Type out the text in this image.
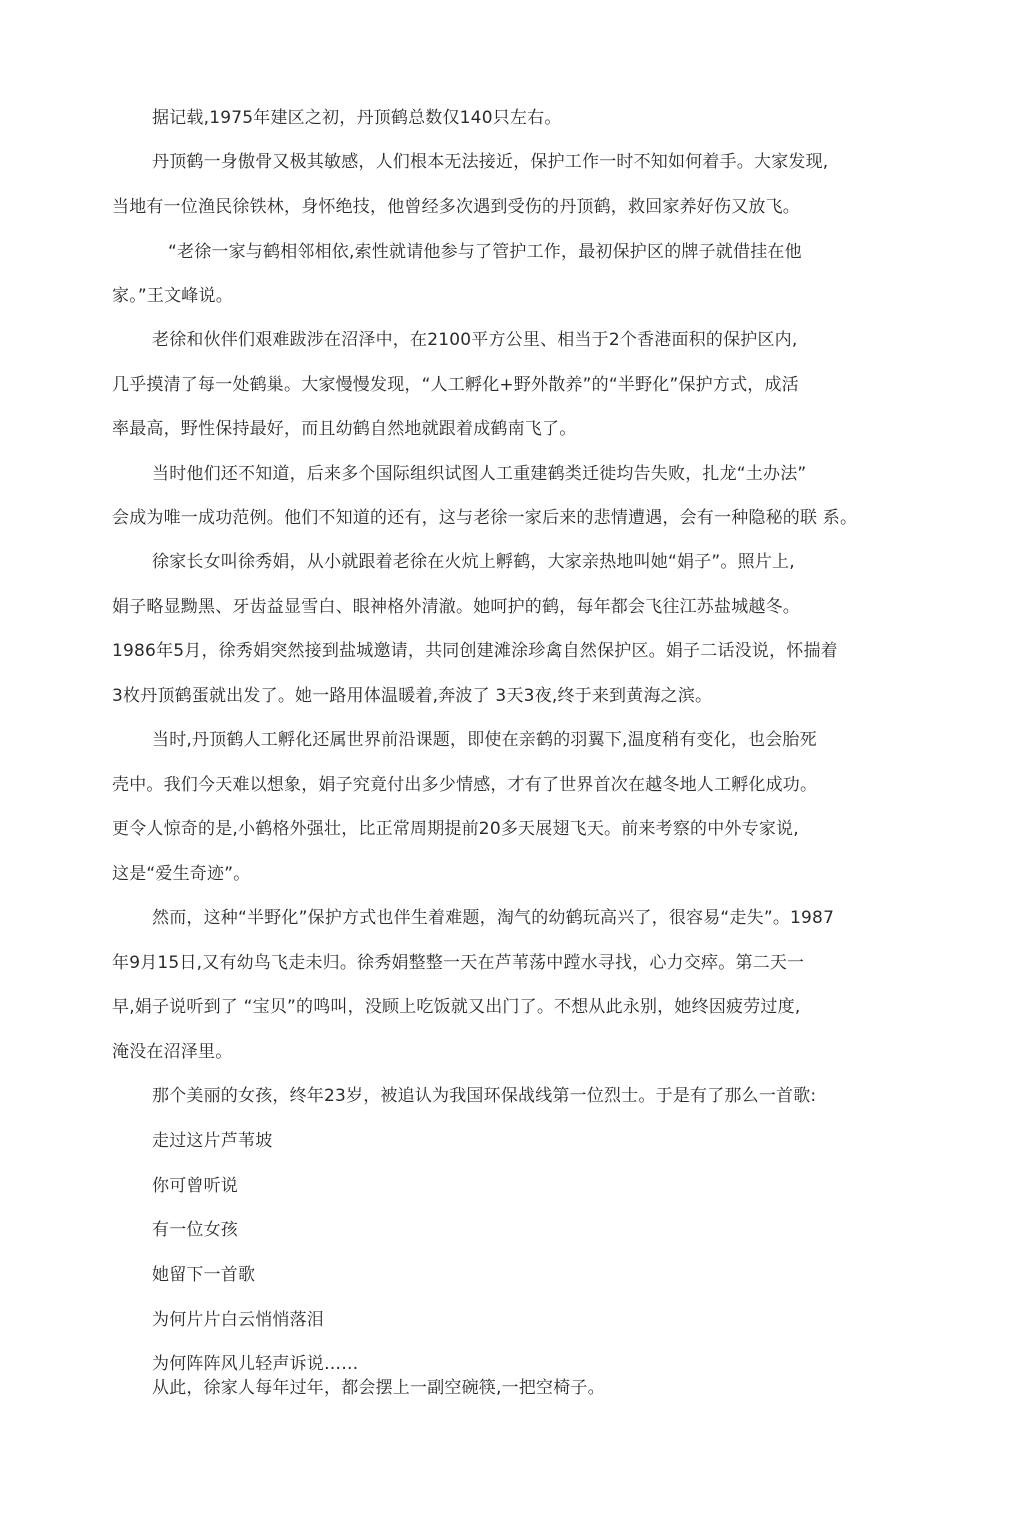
据记载,1975年建区之初，丹顶鹤总数仅140只左右。
丹顶鹤一身傲骨又极其敏感，人们根本无法接近，保护工作一时不知如何着手。大家发现,
当地有一位渔民徐铁林，身怀绝技，他曾经多次遇到受伤的丹顶鹤，救回家养好伤又放飞。
“老徐一家与鹤相邻相依,索性就请他参与了管护工作，最初保护区的牌子就借挂在他
家。”王文峰说。
老徐和伙伴们艰难跋涉在沼泽中，在2100平方公里、相当于2个香港面积的保护区内,
几乎摸清了每一处鹤巢。大家慢慢发现，“人工孵化+野外散养”的“半野化”保护方式，成活
率最高，野性保持最好，而且幼鹤自然地就跟着成鹤南飞了。
当时他们还不知道，后来多个国际组织试图人工重建鹤类迁徙均告失败，扎龙“土办法”
会成为唯一成功范例。他们不知道的还有，这与老徐一家后来的悲情遭遇，会有一种隐秘的联 系。
徐家长女叫徐秀娟，从小就跟着老徐在火炕上孵鹤，大家亲热地叫她“娟子”。照片上,
娟子略显黝黑、牙齿益显雪白、眼神格外清澈。她呵护的鹤，每年都会飞往江苏盐城越冬。
1986年5月，徐秀娟突然接到盐城邀请，共同创建滩涂珍禽自然保护区。娟子二话没说，怀揣着
3枚丹顶鹤蛋就出发了。她一路用体温暖着,奔波了 3天3夜,终于来到黄海之滨。
当时,丹顶鹤人工孵化还属世界前沿课题，即使在亲鹤的羽翼下,温度稍有变化，也会胎死
壳中。我们今天难以想象，娟子究竟付出多少情感，才有了世界首次在越冬地人工孵化成功。
更令人惊奇的是,小鹤格外强壮，比正常周期提前20多天展翅飞天。前来考察的中外专家说,
这是“爱生奇迹”。
然而，这种“半野化”保护方式也伴生着难题，淘气的幼鹤玩高兴了，很容易“走失”。1987
年9月15日,又有幼鸟飞走未归。徐秀娟整整一天在芦苇荡中蹚水寻找，心力交瘁。第二天一
早,娟子说听到了 “宝贝”的鸣叫，没顾上吃饭就又出门了。不想从此永别，她终因疲劳过度,
淹没在沼泽里。
那个美丽的女孩，终年23岁，被追认为我国环保战线第一位烈士。于是有了那么一首歌:
走过这片芦苇坡
你可曾听说
有一位女孩
她留下一首歌
为何片片白云悄悄落泪
为何阵阵风儿轻声诉说……
从此，徐家人每年过年，都会摆上一副空碗筷,一把空椅子。
